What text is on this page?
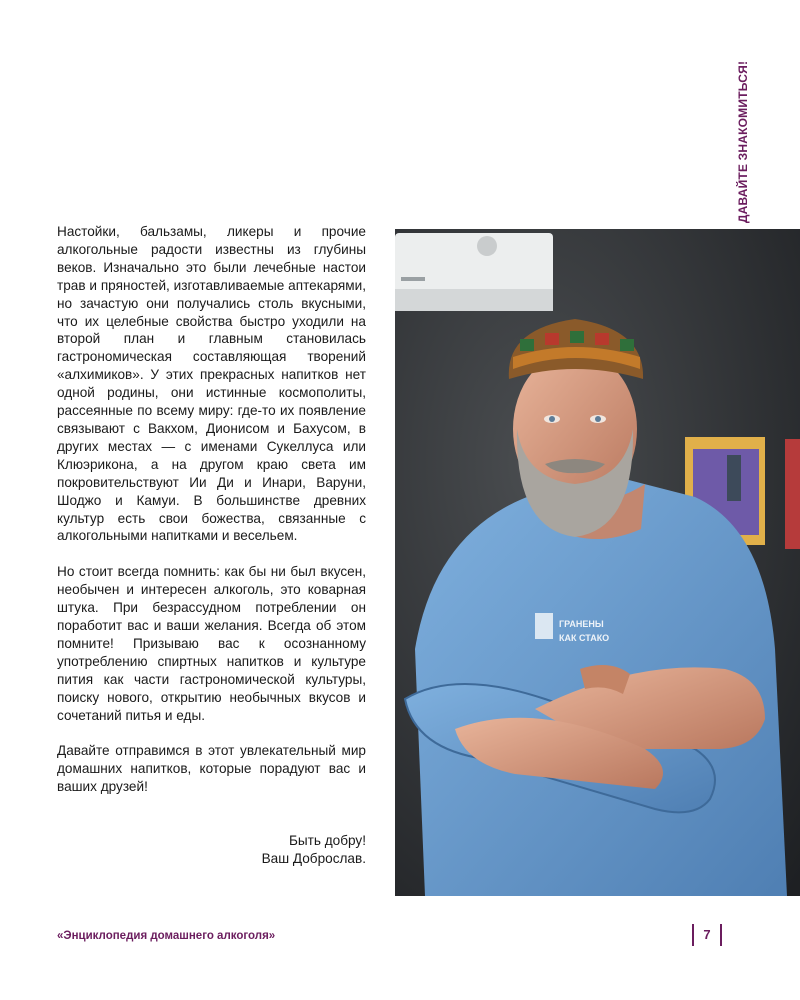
ДАВАЙТЕ ЗНАКОМИТЬСЯ!

Настойки, бальзамы, ликеры и прочие алкогольные радости известны из глубины веков. Изначально это были лечебные настои трав и пряностей, изготавливаемые аптекарями, но зачастую они получались столь вкусными, что их целебные свойства быстро уходили на второй план и главным становилась гастрономическая составляющая творений «алхимиков». У этих прекрасных напитков нет одной родины, они истинные космополиты, рассеянные по всему миру: где-то их появление связывают с Вакхом, Дионисом и Бахусом, в других местах — с именами Сукеллуса или Клюэрикона, а на другом краю света им покровительствуют Ии Ди и Инари, Варуни, Шоджо и Камуи. В большинстве древних культур есть свои божества, связанные с алкогольными напитками и весельем.

Но стоит всегда помнить: как бы ни был вкусен, необычен и интересен алкоголь, это коварная штука. При безрассудном потреблении он поработит вас и ваши желания. Всегда об этом помните! Призываю вас к осознанному употреблению спиртных напитков и культуре пития как части гастрономической культуры, поиску нового, открытию необычных вкусов и сочетаний питья и еды.

Давайте отправимся в этот увлекательный мир домашних напитков, которые порадуют вас и ваших друзей!

Быть добру!
Ваш Доброслав.
ГРАНЕНЫ
КАК СТАКО
«Энциклопедия домашнего алкоголя»	7
